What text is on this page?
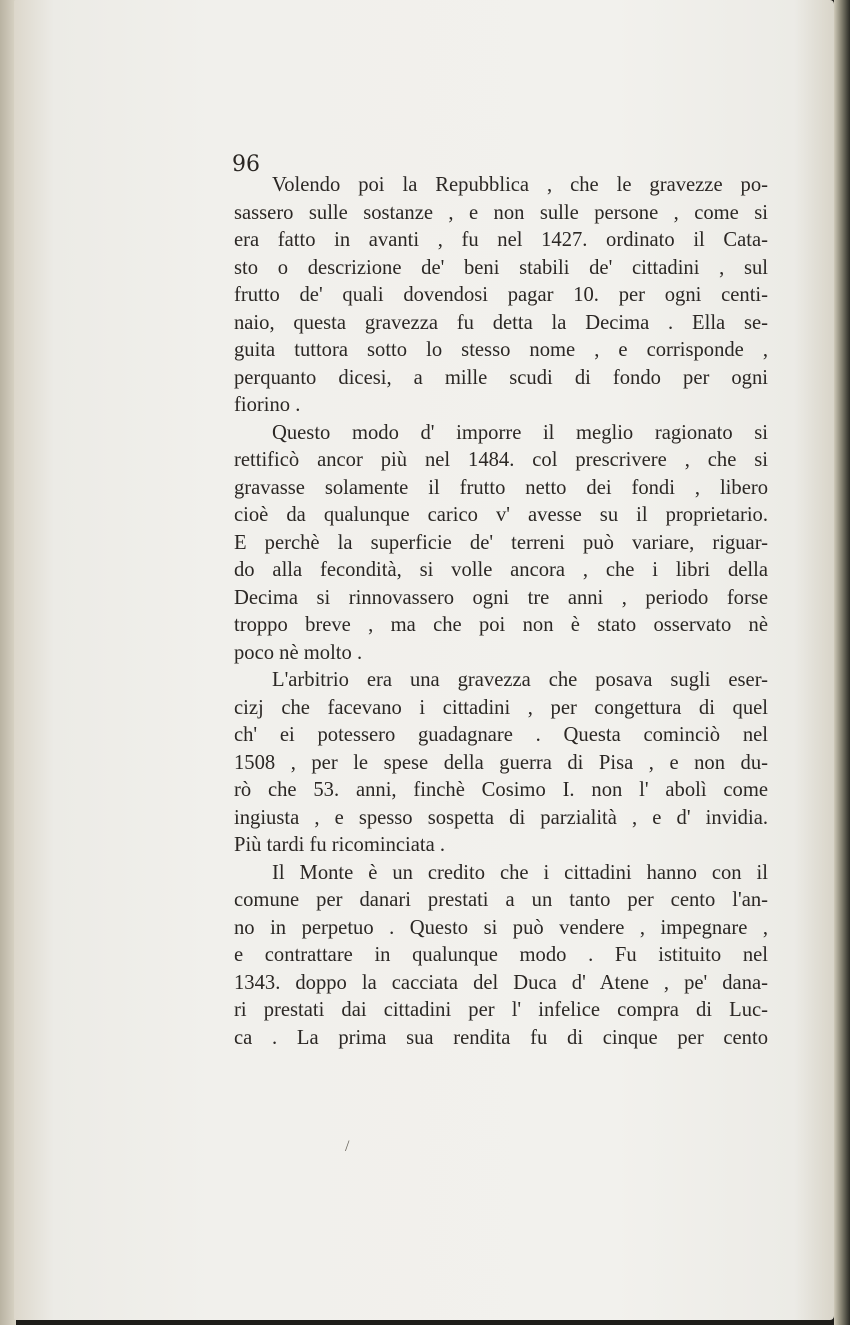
96
Volendo poi la Repubblica , che le gravezze po-
sassero sulle sostanze , e non sulle persone , come si
era fatto in avanti , fu nel 1427. ordinato il Cata-
sto o descrizione de' beni stabili de' cittadini , sul
frutto de' quali dovendosi pagar 10. per ogni centi-
naio, questa gravezza fu detta la Decima . Ella se-
guita tuttora sotto lo stesso nome , e corrisponde ,
perquanto dicesi, a mille scudi di fondo per ogni
fiorino .
Questo modo d' imporre il meglio ragionato si
rettificò ancor più nel 1484. col prescrivere , che si
gravasse solamente il frutto netto dei fondi , libero
cioè da qualunque carico v' avesse su il proprietario.
E perchè la superficie de' terreni può variare, riguar-
do alla fecondità, si volle ancora , che i libri della
Decima si rinnovassero ogni tre anni , periodo forse
troppo breve , ma che poi non è stato osservato nè
poco nè molto .
L'arbitrio era una gravezza che posava sugli eser-
cizj che facevano i cittadini , per congettura di quel
ch' ei potessero guadagnare . Questa cominciò nel
1508 , per le spese della guerra di Pisa , e non du-
rò che 53. anni, finchè Cosimo I. non l' abolì come
ingiusta , e spesso sospetta di parzialità , e d' invidia.
Più tardi fu ricominciata .
Il Monte è un credito che i cittadini hanno con il
comune per danari prestati a un tanto per cento l'an-
no in perpetuo . Questo si può vendere , impegnare ,
e contrattare in qualunque modo . Fu istituito nel
1343. doppo la cacciata del Duca d' Atene , pe' dana-
ri prestati dai cittadini per l' infelice compra di Luc-
ca . La prima sua rendita fu di cinque per cento
/
